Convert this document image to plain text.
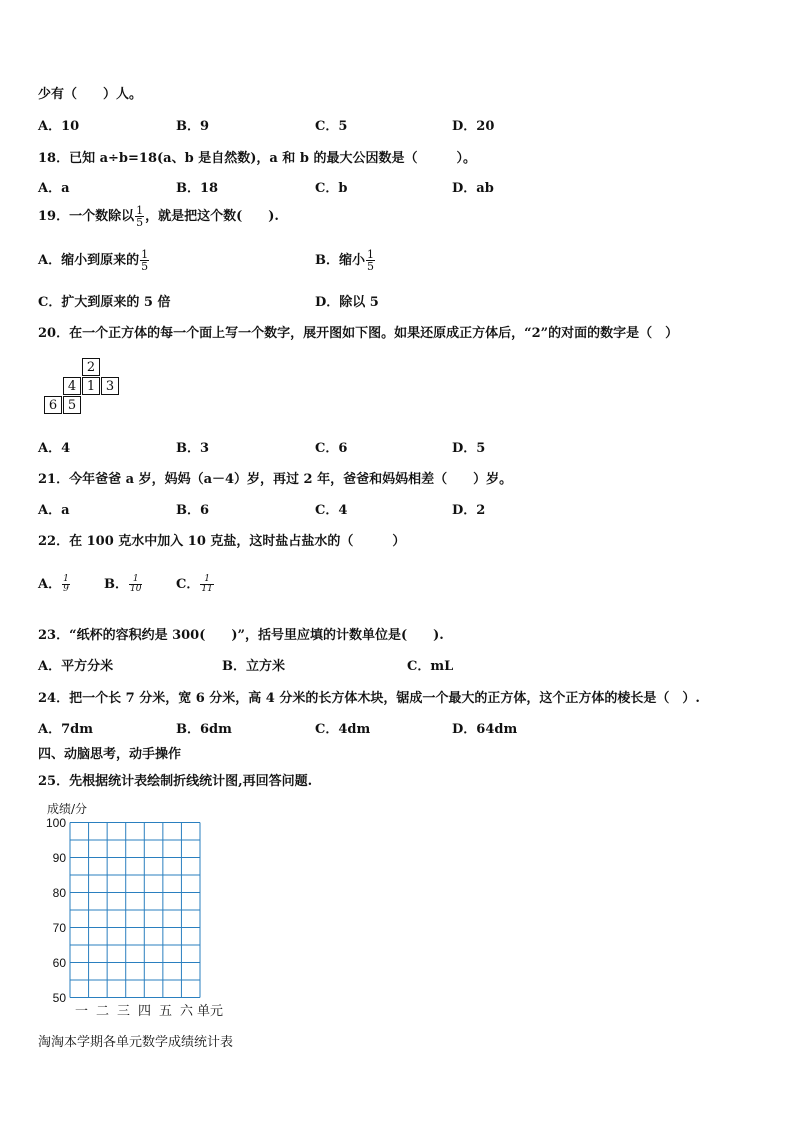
少有（　　）人。
A．10	B．9	C．5	D．20
18．已知 a÷b=18(a、b 是自然数)，a 和 b 的最大公因数是（　　　）。
A．a	B．18	C．b	D．ab
19．一个数除以 $\frac{1}{5}$ ，就是把这个数(　　).
A．缩小到原来的 $\frac{1}{5}$	B．缩小 $\frac{1}{5}$
C．扩大到原来的 5 倍	D．除以 5
20．在一个正方体的每一个面上写一个数字，展开图如下图。如果还原成正方体后，“2”的对面的数字是（　）
2
4 1 3
6 5
A．4	B．3	C．6	D．5
21．今年爸爸 a 岁，妈妈（a－4）岁，再过 2 年，爸爸和妈妈相差（　　）岁。
A．a	B．6	C．4	D．2
22．在 100 克水中加入 10 克盐，这时盐占盐水的（　　　）
A． $\frac{1}{9}$	B． $\frac{1}{10}$	C． $\frac{1}{11}$
23．“纸杯的容积约是 300(　　)”，括号里应填的计数单位是(　　).
A．平方分米	B．立方米	C．mL
24．把一个长 7 分米，宽 6 分米，高 4 分米的长方体木块，锯成一个最大的正方体，这个正方体的棱长是（　）.
A．7dm	B．6dm	C．4dm	D．64dm
四、动脑思考，动手操作
25．先根据统计表绘制折线统计图,再回答问题.
成绩/分
100
90
80
70
60
50
一 二 三 四 五 六 单元
淘淘本学期各单元数学成绩统计表
